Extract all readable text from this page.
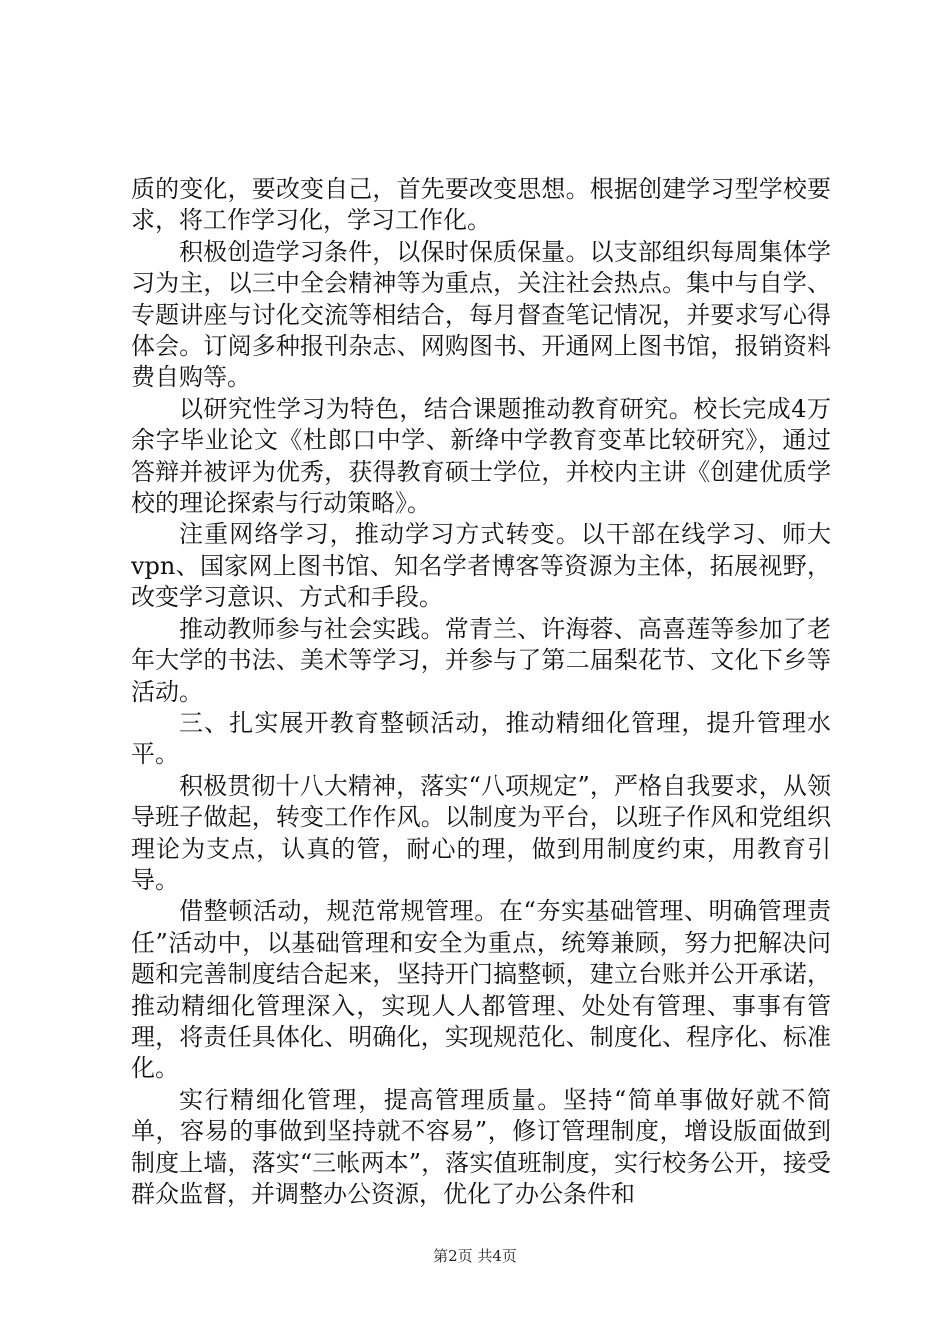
质的变化，要改变自己，首先要改变思想。根据创建学习型学校要求，将工作学习化，学习工作化。

积极创造学习条件，以保时保质保量。以支部组织每周集体学习为主，以三中全会精神等为重点，关注社会热点。集中与自学、专题讲座与讨化交流等相结合，每月督查笔记情况，并要求写心得体会。订阅多种报刊杂志、网购图书、开通网上图书馆，报销资料费自购等。

以研究性学习为特色，结合课题推动教育研究。校长完成4万余字毕业论文《杜郎口中学、新绛中学教育变革比较研究》，通过答辩并被评为优秀，获得教育硕士学位，并校内主讲《创建优质学校的理论探索与行动策略》。

注重网络学习，推动学习方式转变。以干部在线学习、师大vpn、国家网上图书馆、知名学者博客等资源为主体，拓展视野，改变学习意识、方式和手段。

推动教师参与社会实践。常青兰、许海蓉、高喜莲等参加了老年大学的书法、美术等学习，并参与了第二届梨花节、文化下乡等活动。

三、扎实展开教育整顿活动，推动精细化管理，提升管理水平。

积极贯彻十八大精神，落实“八项规定”，严格自我要求，从领导班子做起，转变工作作风。以制度为平台，以班子作风和党组织理论为支点，认真的管，耐心的理，做到用制度约束，用教育引导。

借整顿活动，规范常规管理。在“夯实基础管理、明确管理责任”活动中，以基础管理和安全为重点，统筹兼顾，努力把解决问题和完善制度结合起来，坚持开门搞整顿，建立台账并公开承诺，推动精细化管理深入，实现人人都管理、处处有管理、事事有管理，将责任具体化、明确化，实现规范化、制度化、程序化、标准化。

实行精细化管理，提高管理质量。坚持“简单事做好就不简单，容易的事做到坚持就不容易”，修订管理制度，增设版面做到制度上墙，落实“三帐两本”，落实值班制度，实行校务公开，接受群众监督，并调整办公资源，优化了办公条件和

第2页 共4页
